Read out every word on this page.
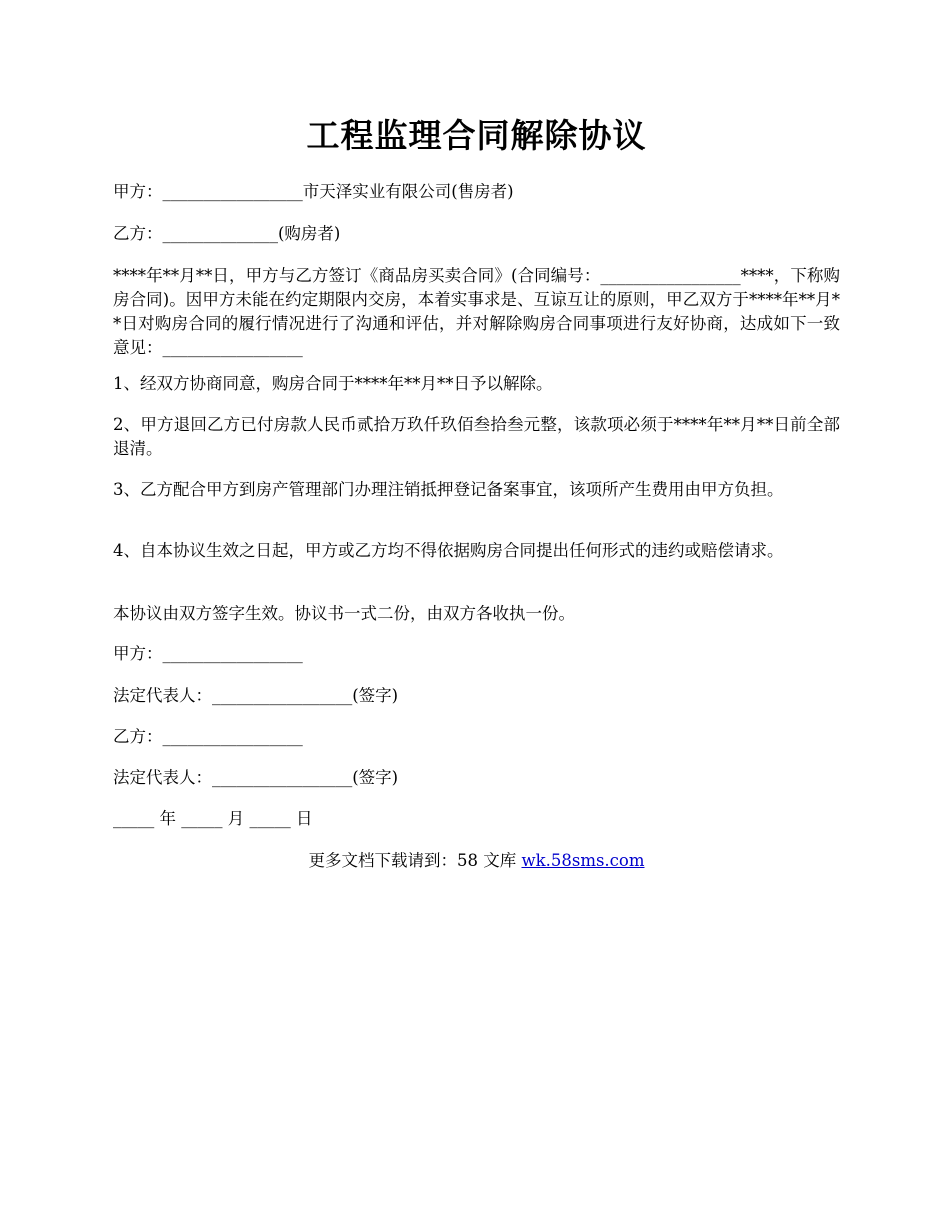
工程监理合同解除协议

甲方：_________________市天泽实业有限公司(售房者)

乙方：______________(购房者)

****年**月**日，甲方与乙方签订《商品房买卖合同》(合同编号：_________________****，下称购房合同)。因甲方未能在约定期限内交房，本着实事求是、互谅互让的原则，甲乙双方于****年**月**日对购房合同的履行情况进行了沟通和评估，并对解除购房合同事项进行友好协商，达成如下一致意见：_________________

1、经双方协商同意，购房合同于****年**月**日予以解除。

2、甲方退回乙方已付房款人民币贰拾万玖仟玖佰叁拾叁元整，该款项必须于****年**月**日前全部退清。

3、乙方配合甲方到房产管理部门办理注销抵押登记备案事宜，该项所产生费用由甲方负担。

4、自本协议生效之日起，甲方或乙方均不得依据购房合同提出任何形式的违约或赔偿请求。

本协议由双方签字生效。协议书一式二份，由双方各收执一份。

甲方：_________________

法定代表人：_________________(签字)

乙方：_________________

法定代表人：_________________(签字)

_____ 年 _____ 月 _____ 日

更多文档下载请到：58 文库 wk.58sms.com
